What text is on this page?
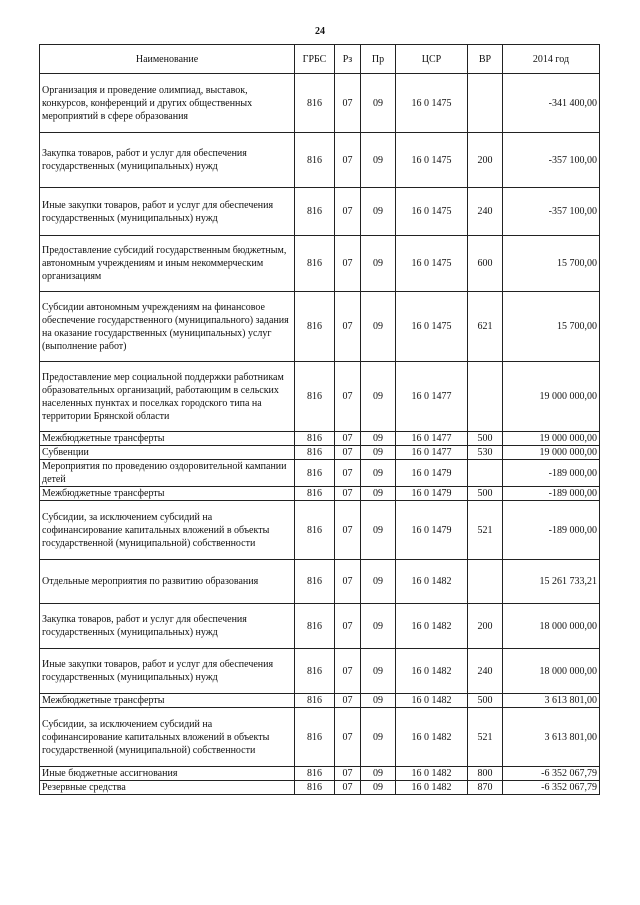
24
Наименование	ГРБС	Рз	Пр	ЦСР	ВР	2014 год
Организация и проведение олимпиад, выставок, конкурсов, конференций и других общественных мероприятий в сфере образования	816	07	09	16 0 1475		-341 400,00
Закупка товаров, работ и услуг для обеспечения государственных (муниципальных) нужд	816	07	09	16 0 1475	200	-357 100,00
Иные закупки товаров, работ и услуг для обеспечения государственных (муниципальных) нужд	816	07	09	16 0 1475	240	-357 100,00
Предоставление субсидий государственным бюджетным, автономным учреждениям и иным некоммерческим организациям	816	07	09	16 0 1475	600	15 700,00
Субсидии автономным учреждениям на финансовое обеспечение государственного (муниципального) задания на оказание государственных (муниципальных) услуг (выполнение работ)	816	07	09	16 0 1475	621	15 700,00
Предоставление мер социальной поддержки работникам образовательных организаций, работающим в сельских населенных пунктах и поселках городского типа на территории Брянской области	816	07	09	16 0 1477		19 000 000,00
Межбюджетные трансферты	816	07	09	16 0 1477	500	19 000 000,00
Субвенции	816	07	09	16 0 1477	530	19 000 000,00
Мероприятия по проведению оздоровительной кампании детей	816	07	09	16 0 1479		-189 000,00
Межбюджетные трансферты	816	07	09	16 0 1479	500	-189 000,00
Субсидии, за исключением субсидий на софинансирование капитальных вложений в объекты государственной (муниципальной) собственности	816	07	09	16 0 1479	521	-189 000,00
Отдельные мероприятия по развитию образования	816	07	09	16 0 1482		15 261 733,21
Закупка товаров, работ и услуг для обеспечения государственных (муниципальных) нужд	816	07	09	16 0 1482	200	18 000 000,00
Иные закупки товаров, работ и услуг для обеспечения государственных (муниципальных) нужд	816	07	09	16 0 1482	240	18 000 000,00
Межбюджетные трансферты	816	07	09	16 0 1482	500	3 613 801,00
Субсидии, за исключением субсидий на софинансирование капитальных вложений в объекты государственной (муниципальной) собственности	816	07	09	16 0 1482	521	3 613 801,00
Иные бюджетные ассигнования	816	07	09	16 0 1482	800	-6 352 067,79
Резервные средства	816	07	09	16 0 1482	870	-6 352 067,79
